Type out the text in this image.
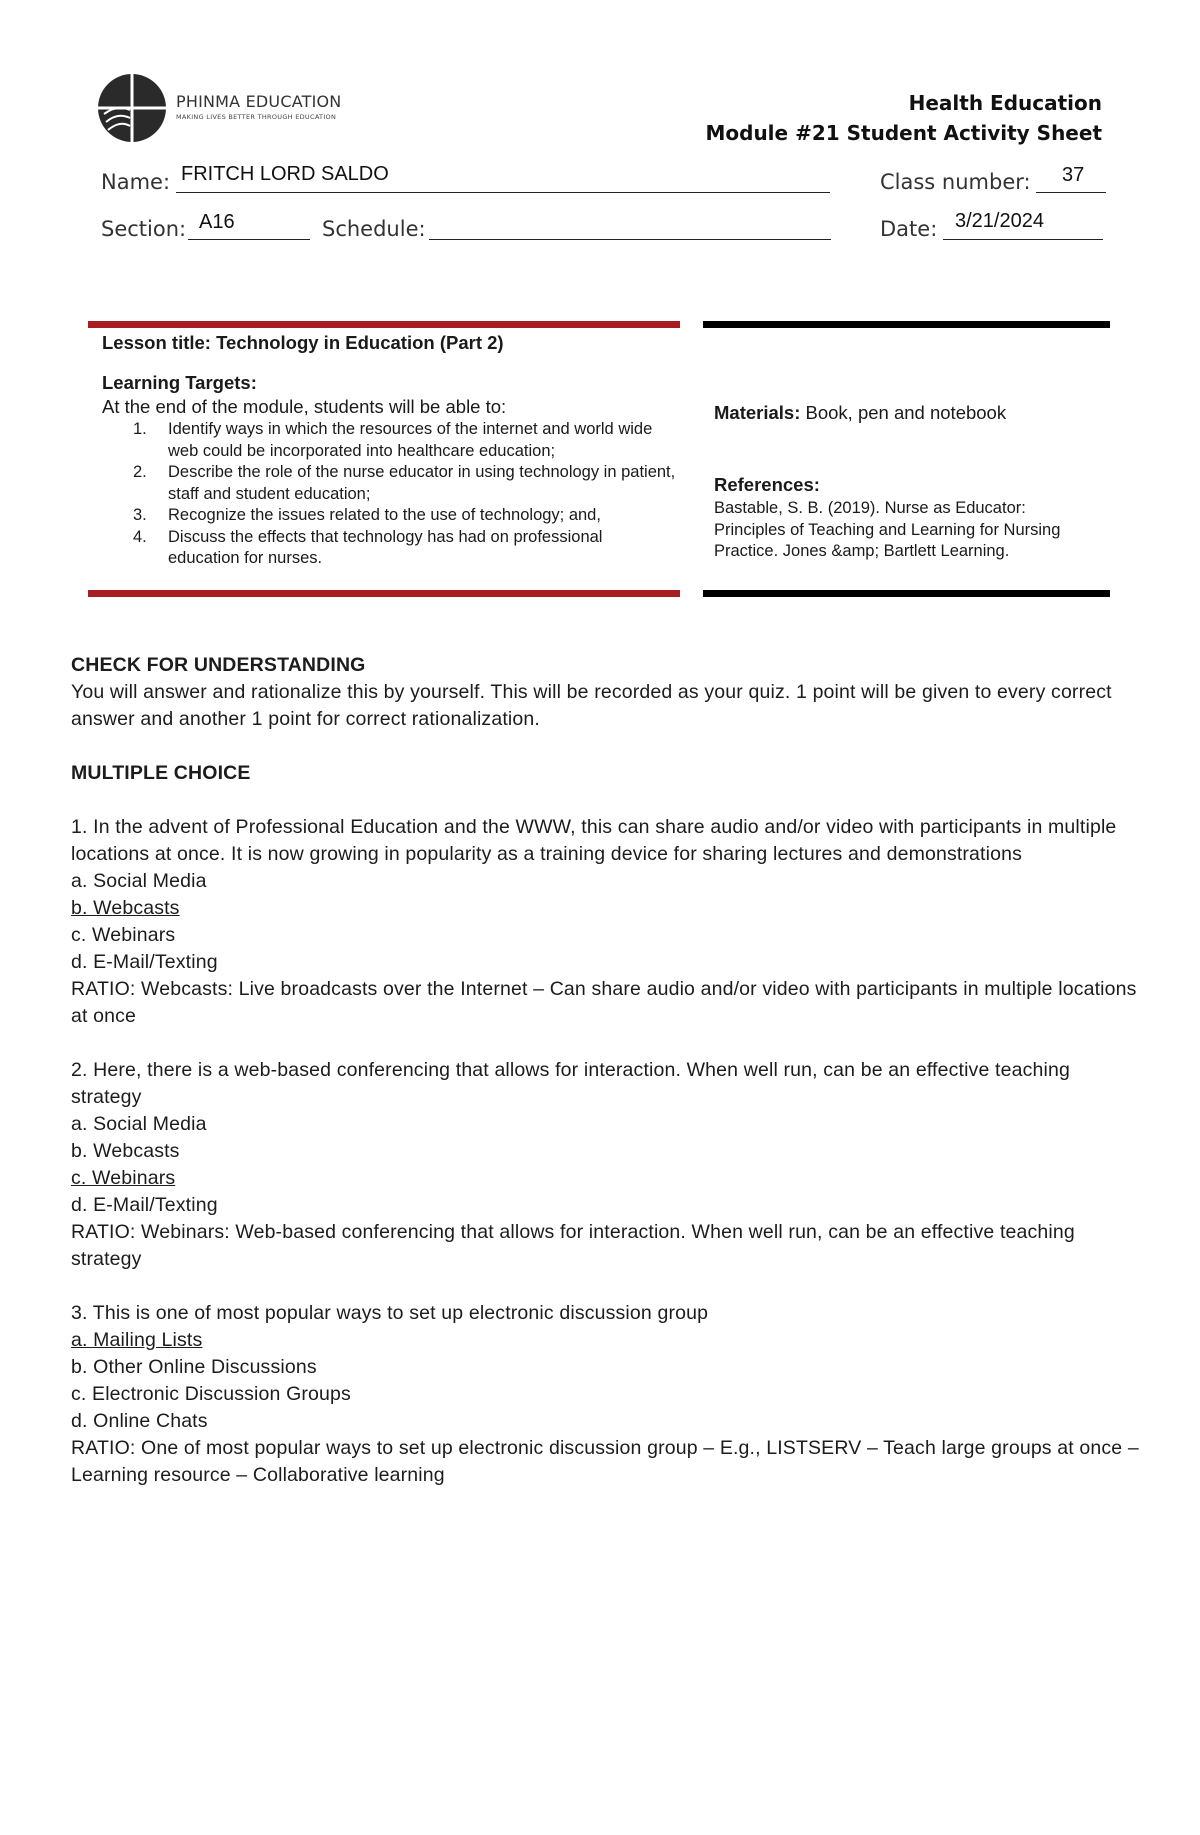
PHINMA EDUCATION
MAKING LIVES BETTER THROUGH EDUCATION
Health Education
Module #21 Student Activity Sheet
Name: FRITCH LORD SALDO	Class number: 37
Section: A16	Schedule:	Date: 3/21/2024
Lesson title: Technology in Education (Part 2)
Learning Targets:
At the end of the module, students will be able to:
1.	Identify ways in which the resources of the internet and world wide web could be incorporated into healthcare education;
2.	Describe the role of the nurse educator in using technology in patient, staff and student education;
3.	Recognize the issues related to the use of technology; and,
4.	Discuss the effects that technology has had on professional education for nurses.
Materials: Book, pen and notebook
References:
Bastable, S. B. (2019). Nurse as Educator: Principles of Teaching and Learning for Nursing Practice. Jones &amp; Bartlett Learning.

CHECK FOR UNDERSTANDING

You will answer and rationalize this by yourself. This will be recorded as your quiz. 1 point will be given to every correct answer and another 1 point for correct rationalization.

MULTIPLE CHOICE

1. In the advent of Professional Education and the WWW, this can share audio and/or video with participants in multiple locations at once. It is now growing in popularity as a training device for sharing lectures and demonstrations

a. Social Media

b. Webcasts

c. Webinars

d. E-Mail/Texting

RATIO: Webcasts: Live broadcasts over the Internet – Can share audio and/or video with participants in multiple locations at once

2. Here, there is a web-based conferencing that allows for interaction. When well run, can be an effective teaching

strategy

a. Social Media

b. Webcasts

c. Webinars

d. E-Mail/Texting

RATIO: Webinars: Web-based conferencing that allows for interaction. When well run, can be an effective teaching strategy

3. This is one of most popular ways to set up electronic discussion group

a. Mailing Lists

b. Other Online Discussions

c. Electronic Discussion Groups

d. Online Chats

RATIO: One of most popular ways to set up electronic discussion group – E.g., LISTSERV – Teach large groups at once – Learning resource – Collaborative learning
